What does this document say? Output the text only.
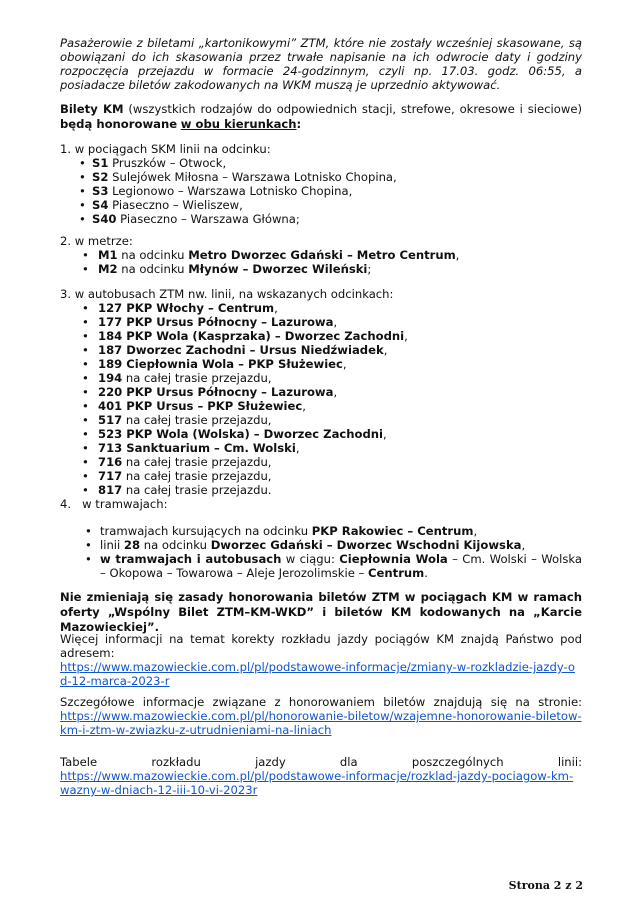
Pasażerowie z biletami „kartonikowymi” ZTM, które nie zostały wcześniej skasowane, są obowiązani do ich skasowania przez trwałe napisanie na ich odwrocie daty i godziny rozpoczęcia przejazdu w formacie 24-godzinnym, czyli np. 17.03. godz. 06:55, a posiadacze biletów zakodowanych na WKM muszą je uprzednio aktywować.

Bilety KM (wszystkich rodzajów do odpowiednich stacji, strefowe, okresowe i sieciowe) będą honorowane w obu kierunkach:

1. w pociągach SKM linii na odcinku:

• S1 Pruszków – Otwock,
• S2 Sulejówek Miłosna – Warszawa Lotnisko Chopina,
• S3 Legionowo – Warszawa Lotnisko Chopina,
• S4 Piaseczno – Wieliszew,
• S40 Piaseczno – Warszawa Główna;

2. w metrze:

• M1 na odcinku Metro Dworzec Gdański – Metro Centrum,
• M2 na odcinku Młynów – Dworzec Wileński;

3. w autobusach ZTM nw. linii, na wskazanych odcinkach:

• 127 PKP Włochy – Centrum,
• 177 PKP Ursus Północny – Lazurowa,
• 184 PKP Wola (Kasprzaka) – Dworzec Zachodni,
• 187 Dworzec Zachodni – Ursus Niedźwiadek,
• 189 Ciepłownia Wola – PKP Służewiec,
• 194 na całej trasie przejazdu,
• 220 PKP Ursus Północny – Lazurowa,
• 401 PKP Ursus – PKP Służewiec,
• 517 na całej trasie przejazdu,
• 523 PKP Wola (Wolska) – Dworzec Zachodni,
• 713 Sanktuarium – Cm. Wolski,
• 716 na całej trasie przejazdu,
• 717 na całej trasie przejazdu,
• 817 na całej trasie przejazdu.

4.   w tramwajach:

• tramwajach kursujących na odcinku PKP Rakowiec – Centrum,
• linii 28 na odcinku Dworzec Gdański – Dworzec Wschodni Kijowska,
• w tramwajach i autobusach w ciągu: Ciepłownia Wola – Cm. Wolski – Wolska – Okopowa – Towarowa – Aleje Jerozolimskie – Centrum.

Nie zmieniają się zasady honorowania biletów ZTM w pociągach KM w ramach oferty „Wspólny Bilet ZTM–KM-WKD” i biletów KM kodowanych na „Karcie Mazowieckiej”.

Więcej informacji na temat korekty rozkładu jazdy pociągów KM znajdą Państwo pod adresem:

https://www.mazowieckie.com.pl/pl/podstawowe-informacje/zmiany-w-rozkladzie-jazdy-od-12-marca-2023-r

Szczegółowe informacje związane z honorowaniem biletów znajdują się na stronie:

https://www.mazowieckie.com.pl/pl/honorowanie-biletow/wzajemne-honorowanie-biletow-km-i-ztm-w-zwiazku-z-utrudnieniami-na-liniach

Tabele rozkładu jazdy dla poszczególnych linii:

https://www.mazowieckie.com.pl/pl/podstawowe-informacje/rozklad-jazdy-pociagow-km-wazny-w-dniach-12-iii-10-vi-2023r

Strona 2 z 2
